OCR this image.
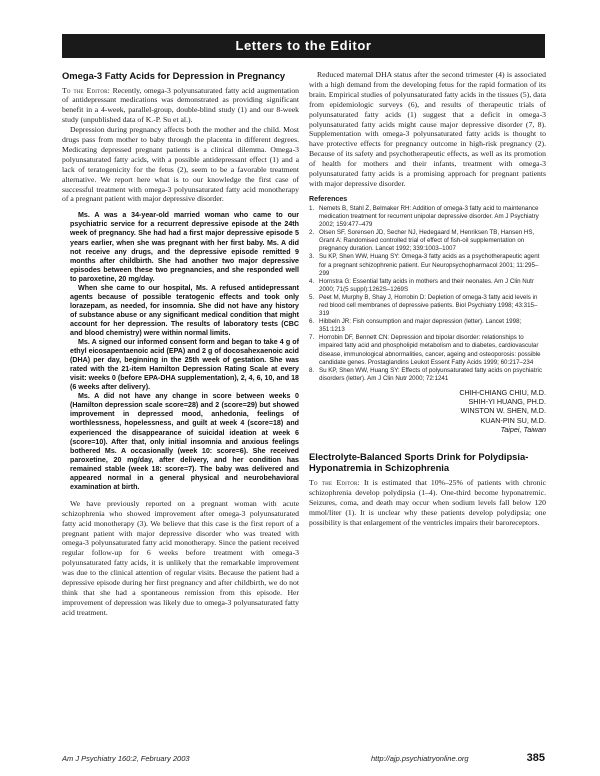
Letters to the Editor
Omega-3 Fatty Acids for Depression in Pregnancy

To the Editor: Recently, omega-3 polyunsaturated fatty acid augmentation of antidepressant medications was demonstrated as providing significant benefit in a 4-week, parallel-group, double-blind study (1) and our 8-week study (unpublished data of K.-P. Su et al.).

Depression during pregnancy affects both the mother and the child. Most drugs pass from mother to baby through the placenta in different degrees. Medicating depressed pregnant patients is a clinical dilemma. Omega-3 polyunsaturated fatty acids, with a possible antidepressant effect (1) and a lack of teratogenicity for the fetus (2), seem to be a favorable treatment alternative. We report here what is to our knowledge the first case of successful treatment with omega-3 polyunsaturated fatty acid monotherapy of a pregnant patient with major depressive disorder.

Ms. A was a 34-year-old married woman who came to our psychiatric service for a recurrent depressive episode at the 24th week of pregnancy. She had had a first major depressive episode 5 years earlier, when she was pregnant with her first baby. Ms. A did not receive any drugs, and the depressive episode remitted 9 months after childbirth. She had another two major depressive episodes between these two pregnancies, and she responded well to paroxetine, 20 mg/day.

When she came to our hospital, Ms. A refused antidepressant agents because of possible teratogenic effects and took only lorazepam, as needed, for insomnia. She did not have any history of substance abuse or any significant medical condition that might account for her depression. The results of laboratory tests (CBC and blood chemistry) were within normal limits.

Ms. A signed our informed consent form and began to take 4 g of ethyl eicosapentaenoic acid (EPA) and 2 g of docosahexaenoic acid (DHA) per day, beginning in the 25th week of gestation. She was rated with the 21-item Hamilton Depression Rating Scale at every visit: weeks 0 (before EPA-DHA supplementation), 2, 4, 6, 10, and 18 (6 weeks after delivery).

Ms. A did not have any change in score between weeks 0 (Hamilton depression scale score=28) and 2 (score=29) but showed improvement in depressed mood, anhedonia, feelings of worthlessness, hopelessness, and guilt at week 4 (score=18) and experienced the disappearance of suicidal ideation at week 6 (score=10). After that, only initial insomnia and anxious feelings bothered Ms. A occasionally (week 10: score=6). She received paroxetine, 20 mg/day, after delivery, and her condition has remained stable (week 18: score=7). The baby was delivered and appeared normal in a general physical and neurobehavioral examination at birth.

We have previously reported on a pregnant woman with acute schizophrenia who showed improvement after omega-3 polyunsaturated fatty acid monotherapy (3). We believe that this case is the first report of a pregnant patient with major depressive disorder who was treated with omega-3 polyunsaturated fatty acid monotherapy. Since the patient received regular follow-up for 6 weeks before treatment with omega-3 polyunsaturated fatty acids, it is unlikely that the remarkable improvement was due to the clinical attention of regular visits. Because the patient had a depressive episode during her first pregnancy and after childbirth, we do not think that she had a spontaneous remission from this episode. Her improvement of depression was likely due to omega-3 polyunsaturated fatty acid treatment.

Reduced maternal DHA status after the second trimester (4) is associated with a high demand from the developing fetus for the rapid formation of its brain. Empirical studies of polyunsaturated fatty acids in the tissues (5), data from epidemiologic surveys (6), and results of therapeutic trials of polyunsaturated fatty acids (1) suggest that a deficit in omega-3 polyunsaturated fatty acids might cause major depressive disorder (7, 8). Supplementation with omega-3 polyunsaturated fatty acids is thought to have protective effects for pregnancy outcome in high-risk pregnancy (2). Because of its safety and psychotherapeutic effects, as well as its promotion of health for mothers and their infants, treatment with omega-3 polyunsaturated fatty acids is a promising approach for pregnant patients with major depressive disorder.

References
1. Nemets B, Stahl Z, Belmaker RH: Addition of omega-3 fatty acid to maintenance medication treatment for recurrent unipolar depressive disorder. Am J Psychiatry 2002; 159:477–479
2. Olsen SF, Sorensen JD, Secher NJ, Hedegaard M, Henriksen TB, Hansen HS, Grant A: Randomised controlled trial of effect of fish-oil supplementation on pregnancy duration. Lancet 1992; 339:1003–1007
3. Su KP, Shen WW, Huang SY: Omega-3 fatty acids as a psychotherapeutic agent for a pregnant schizophrenic patient. Eur Neuropsychopharmacol 2001; 11:295–299
4. Hornstra G: Essential fatty acids in mothers and their neonates. Am J Clin Nutr 2000; 71(5 suppl):1262S–1269S
5. Peet M, Murphy B, Shay J, Horrobin D: Depletion of omega-3 fatty acid levels in red blood cell membranes of depressive patients. Biol Psychiatry 1998; 43:315–319
6. Hibbeln JR: Fish consumption and major depression (letter). Lancet 1998; 351:1213
7. Horrobin DF, Bennett CN: Depression and bipolar disorder: relationships to impaired fatty acid and phospholipid metabolism and to diabetes, cardiovascular disease, immunological abnormalities, cancer, ageing and osteoporosis: possible candidate genes. Prostaglandins Leukot Essent Fatty Acids 1999; 60:217–234
8. Su KP, Shen WW, Huang SY: Effects of polyunsaturated fatty acids on psychiatric disorders (letter). Am J Clin Nutr 2000; 72:1241
CHIH-CHIANG CHIU, M.D.
SHIH-YI HUANG, PH.D.
WINSTON W. SHEN, M.D.
KUAN-PIN SU, M.D.
Taipei, Taiwan
Electrolyte-Balanced Sports Drink for Polydipsia-Hyponatremia in Schizophrenia

To the Editor: It is estimated that 10%–25% of patients with chronic schizophrenia develop polydipsia (1–4). One-third become hyponatremic. Seizures, coma, and death may occur when sodium levels fall below 120 mmol/liter (1). It is unclear why these patients develop polydipsia; one possibility is that enlargement of the ventricles impairs their baroreceptors.

Am J Psychiatry 160:2, February 2003	http://ajp.psychiatryonline.org	385
